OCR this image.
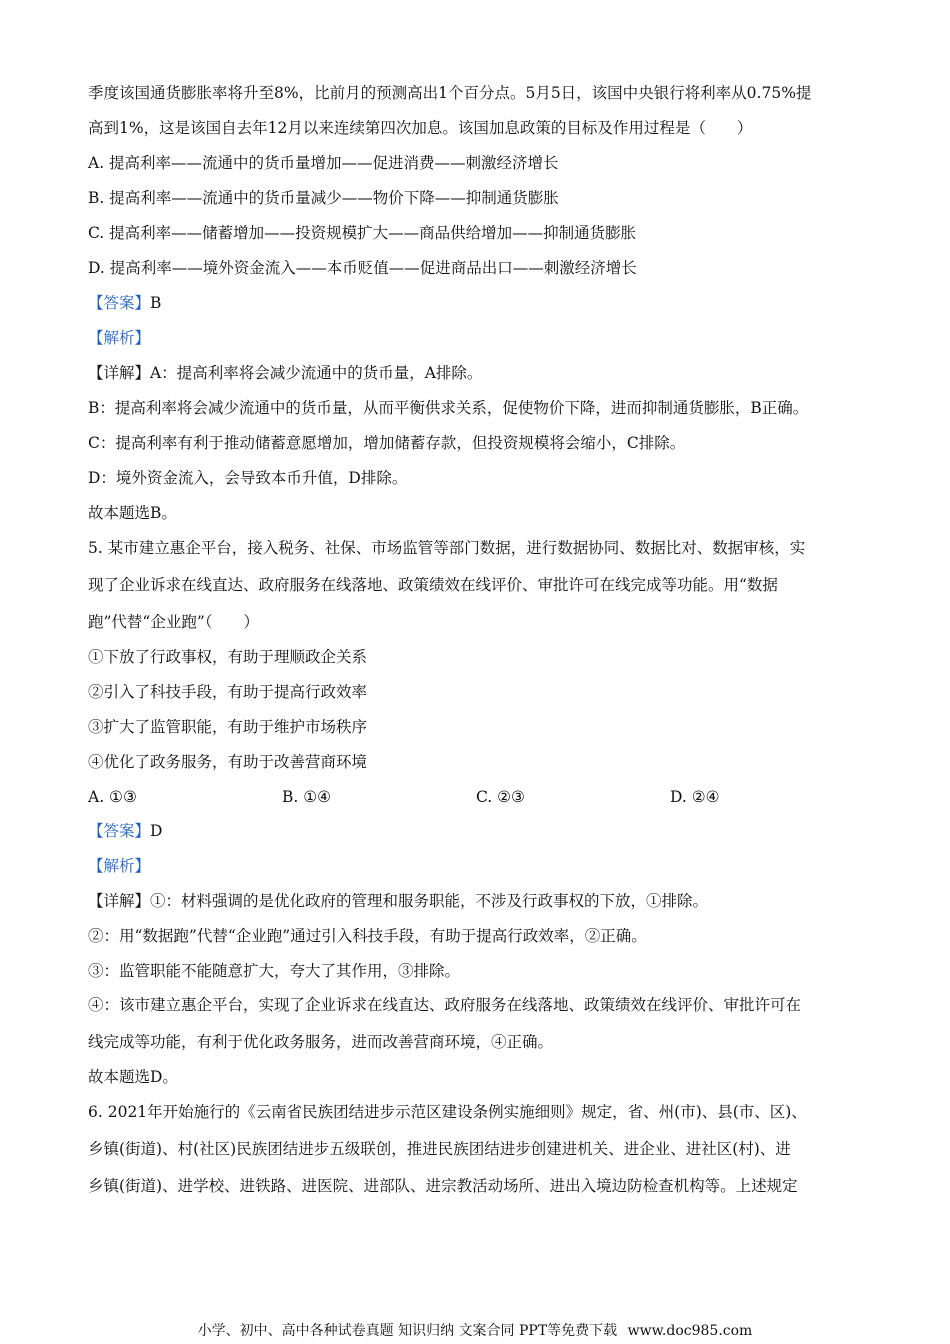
季度该国通货膨胀率将升至8%，比前月的预测高出1个百分点。5月5日，该国中央银行将利率从0.75%提
高到1%，这是该国自去年12月以来连续第四次加息。该国加息政策的目标及作用过程是（　　）
A. 提高利率——流通中的货币量增加——促进消费——刺激经济增长
B. 提高利率——流通中的货币量减少——物价下降——抑制通货膨胀
C. 提高利率——储蓄增加——投资规模扩大——商品供给增加——抑制通货膨胀
D. 提高利率——境外资金流入——本币贬值——促进商品出口——刺激经济增长
【答案】B
【解析】
【详解】A：提高利率将会减少流通中的货币量，A排除。
B：提高利率将会减少流通中的货币量，从而平衡供求关系，促使物价下降，进而抑制通货膨胀，B正确。
C：提高利率有利于推动储蓄意愿增加，增加储蓄存款，但投资规模将会缩小，C排除。
D：境外资金流入，会导致本币升值，D排除。
故本题选B。
5. 某市建立惠企平台，接入税务、社保、市场监管等部门数据，进行数据协同、数据比对、数据审核，实
现了企业诉求在线直达、政府服务在线落地、政策绩效在线评价、审批许可在线完成等功能。用“数据
跑”代替“企业跑”（　　）
①下放了行政事权，有助于理顺政企关系
②引入了科技手段，有助于提高行政效率
③扩大了监管职能，有助于维护市场秩序
④优化了政务服务，有助于改善营商环境
A. ①③	B. ①④	C. ②③	D. ②④
【答案】D
【解析】
【详解】①：材料强调的是优化政府的管理和服务职能，不涉及行政事权的下放，①排除。
②：用“数据跑”代替“企业跑”通过引入科技手段，有助于提高行政效率，②正确。
③：监管职能不能随意扩大，夸大了其作用，③排除。
④：该市建立惠企平台，实现了企业诉求在线直达、政府服务在线落地、政策绩效在线评价、审批许可在
线完成等功能，有利于优化政务服务，进而改善营商环境，④正确。
故本题选D。
6. 2021年开始施行的《云南省民族团结进步示范区建设条例实施细则》规定，省、州(市)、县(市、区)、
乡镇(街道)、村(社区)民族团结进步五级联创，推进民族团结进步创建进机关、进企业、进社区(村)、进
乡镇(街道)、进学校、进铁路、进医院、进部队、进宗教活动场所、进出入境边防检查机构等。上述规定
小学、初中、高中各种试卷真题 知识归纳 文案合同 PPT等免费下载 www.doc985.com
